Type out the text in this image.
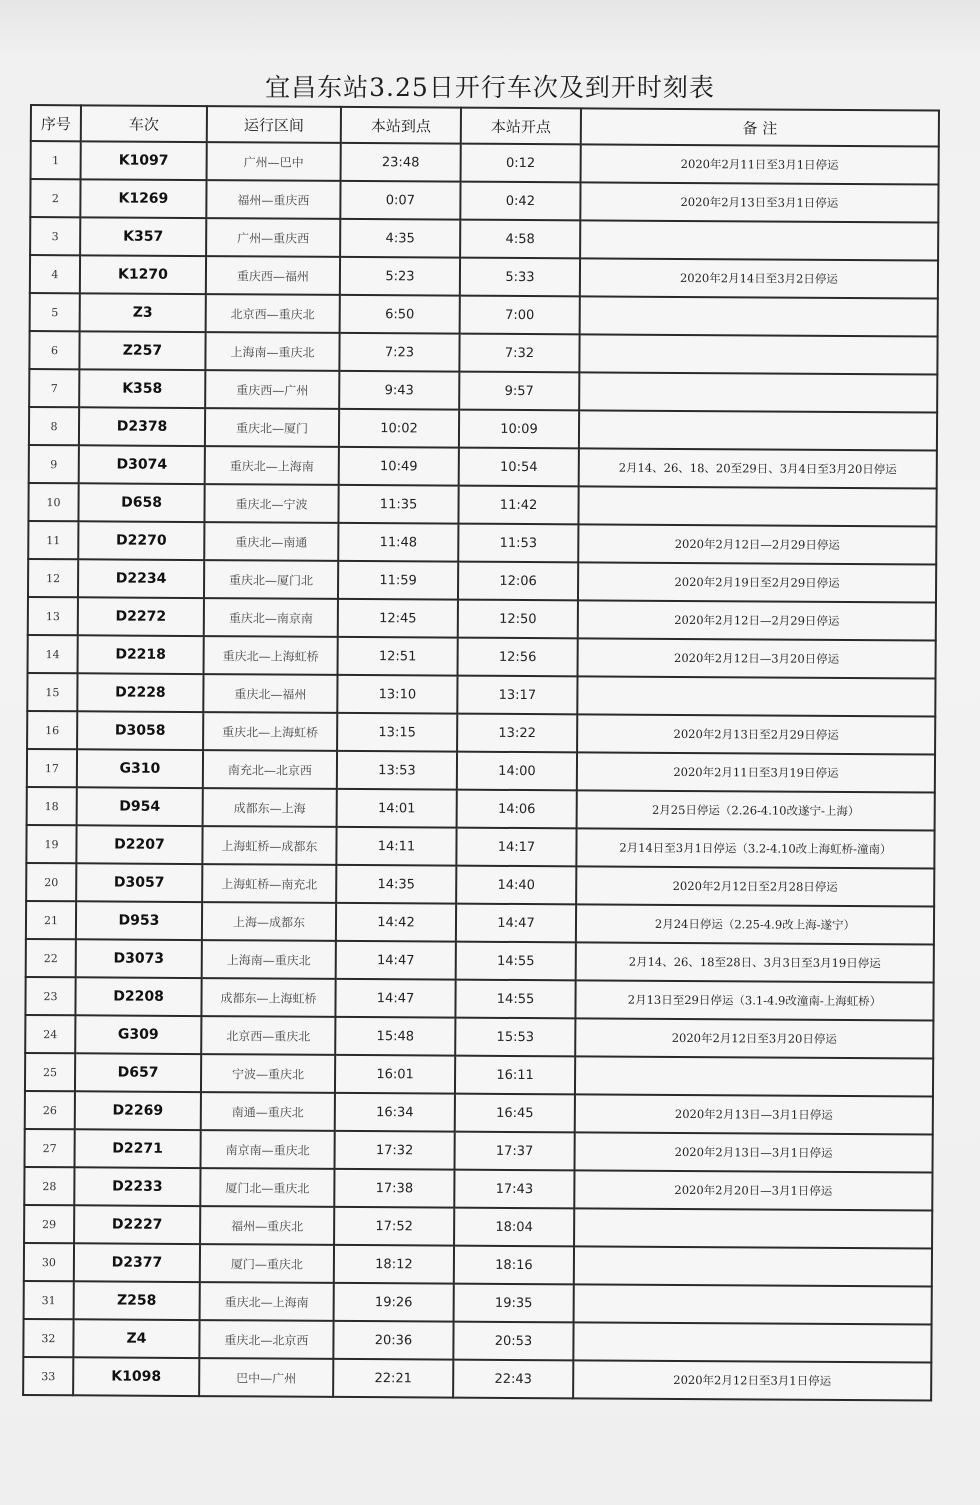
宜昌东站3.25日开行车次及到开时刻表
序号	车次	运行区间	本站到点	本站开点	备 注
1	K1097	广州—巴中	23:48	0:12	2020年2月11日至3月1日停运
2	K1269	福州—重庆西	0:07	0:42	2020年2月13日至3月1日停运
3	K357	广州—重庆西	4:35	4:58	
4	K1270	重庆西—福州	5:23	5:33	2020年2月14日至3月2日停运
5	Z3	北京西—重庆北	6:50	7:00	
6	Z257	上海南—重庆北	7:23	7:32	
7	K358	重庆西—广州	9:43	9:57	
8	D2378	重庆北—厦门	10:02	10:09	
9	D3074	重庆北—上海南	10:49	10:54	2月14、26、18、20至29日、3月4日至3月20日停运
10	D658	重庆北—宁波	11:35	11:42	
11	D2270	重庆北—南通	11:48	11:53	2020年2月12日—2月29日停运
12	D2234	重庆北—厦门北	11:59	12:06	2020年2月19日至2月29日停运
13	D2272	重庆北—南京南	12:45	12:50	2020年2月12日—2月29日停运
14	D2218	重庆北—上海虹桥	12:51	12:56	2020年2月12日—3月20日停运
15	D2228	重庆北—福州	13:10	13:17	
16	D3058	重庆北—上海虹桥	13:15	13:22	2020年2月13日至2月29日停运
17	G310	南充北—北京西	13:53	14:00	2020年2月11日至3月19日停运
18	D954	成都东—上海	14:01	14:06	2月25日停运（2.26-4.10改遂宁-上海）
19	D2207	上海虹桥—成都东	14:11	14:17	2月14日至3月1日停运（3.2-4.10改上海虹桥-潼南）
20	D3057	上海虹桥—南充北	14:35	14:40	2020年2月12日至2月28日停运
21	D953	上海—成都东	14:42	14:47	2月24日停运（2.25-4.9改上海-遂宁）
22	D3073	上海南—重庆北	14:47	14:55	2月14、26、18至28日、3月3日至3月19日停运
23	D2208	成都东—上海虹桥	14:47	14:55	2月13日至29日停运（3.1-4.9改潼南-上海虹桥）
24	G309	北京西—重庆北	15:48	15:53	2020年2月12日至3月20日停运
25	D657	宁波—重庆北	16:01	16:11	
26	D2269	南通—重庆北	16:34	16:45	2020年2月13日—3月1日停运
27	D2271	南京南—重庆北	17:32	17:37	2020年2月13日—3月1日停运
28	D2233	厦门北—重庆北	17:38	17:43	2020年2月20日—3月1日停运
29	D2227	福州—重庆北	17:52	18:04	
30	D2377	厦门—重庆北	18:12	18:16	
31	Z258	重庆北—上海南	19:26	19:35	
32	Z4	重庆北—北京西	20:36	20:53	
33	K1098	巴中—广州	22:21	22:43	2020年2月12日至3月1日停运
